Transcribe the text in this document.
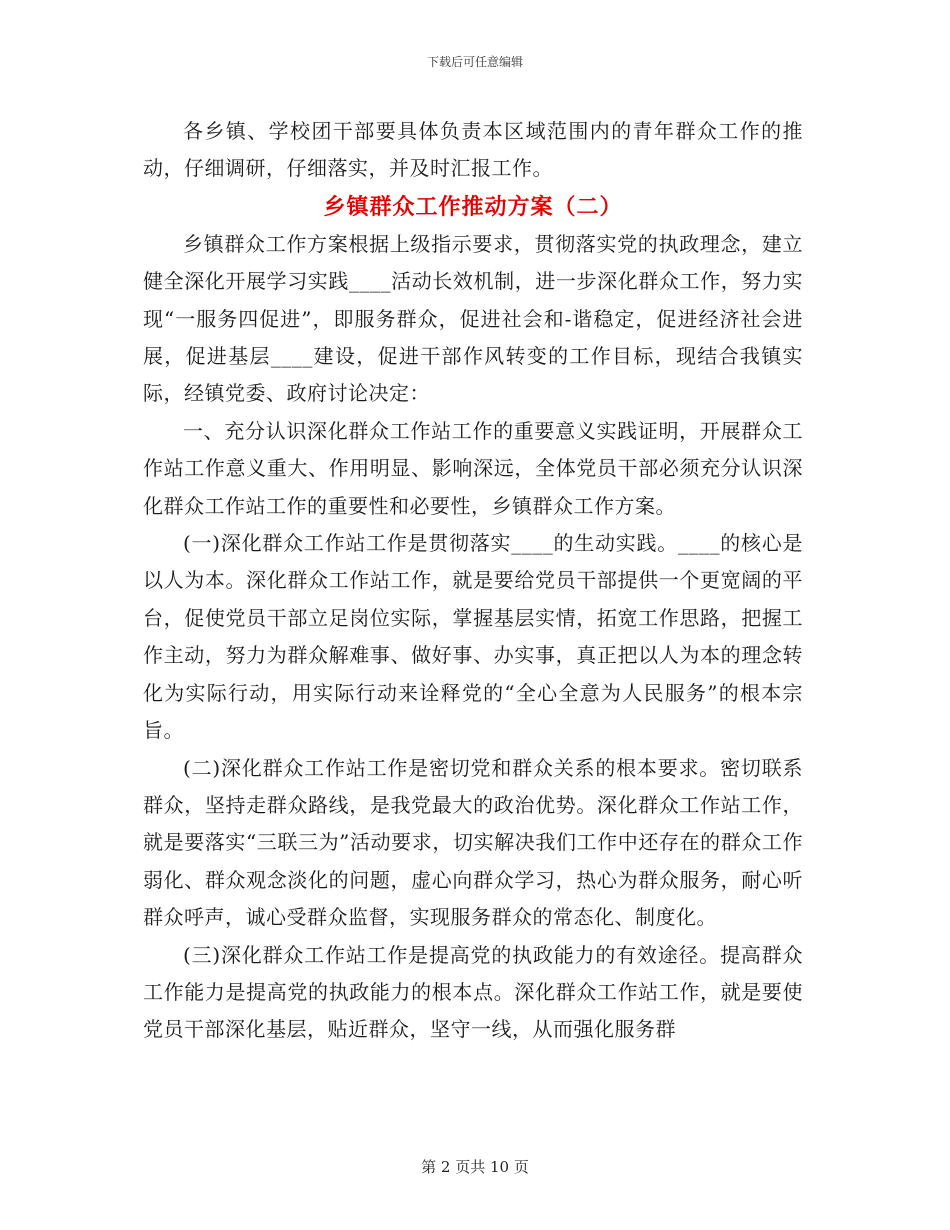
下载后可任意编辑

各乡镇、学校团干部要具体负责本区域范围内的青年群众工作的推动，仔细调研，仔细落实，并及时汇报工作。

乡镇群众工作推动方案（二）

乡镇群众工作方案根据上级指示要求，贯彻落实党的执政理念，建立健全深化开展学习实践____活动长效机制，进一步深化群众工作，努力实现“一服务四促进”，即服务群众，促进社会和-谐稳定，促进经济社会进展，促进基层____建设，促进干部作风转变的工作目标，现结合我镇实际，经镇党委、政府讨论决定：

一、充分认识深化群众工作站工作的重要意义实践证明，开展群众工作站工作意义重大、作用明显、影响深远，全体党员干部必须充分认识深化群众工作站工作的重要性和必要性，乡镇群众工作方案。

(一)深化群众工作站工作是贯彻落实____的生动实践。____的核心是以人为本。深化群众工作站工作，就是要给党员干部提供一个更宽阔的平台，促使党员干部立足岗位实际，掌握基层实情，拓宽工作思路，把握工作主动，努力为群众解难事、做好事、办实事，真正把以人为本的理念转化为实际行动，用实际行动来诠释党的“全心全意为人民服务”的根本宗旨。

(二)深化群众工作站工作是密切党和群众关系的根本要求。密切联系群众，坚持走群众路线，是我党最大的政治优势。深化群众工作站工作，就是要落实“三联三为”活动要求，切实解决我们工作中还存在的群众工作弱化、群众观念淡化的问题，虚心向群众学习，热心为群众服务，耐心听群众呼声，诚心受群众监督，实现服务群众的常态化、制度化。

(三)深化群众工作站工作是提高党的执政能力的有效途径。提高群众工作能力是提高党的执政能力的根本点。深化群众工作站工作，就是要使党员干部深化基层，贴近群众，坚守一线，从而强化服务群

第 2 页共 10 页
